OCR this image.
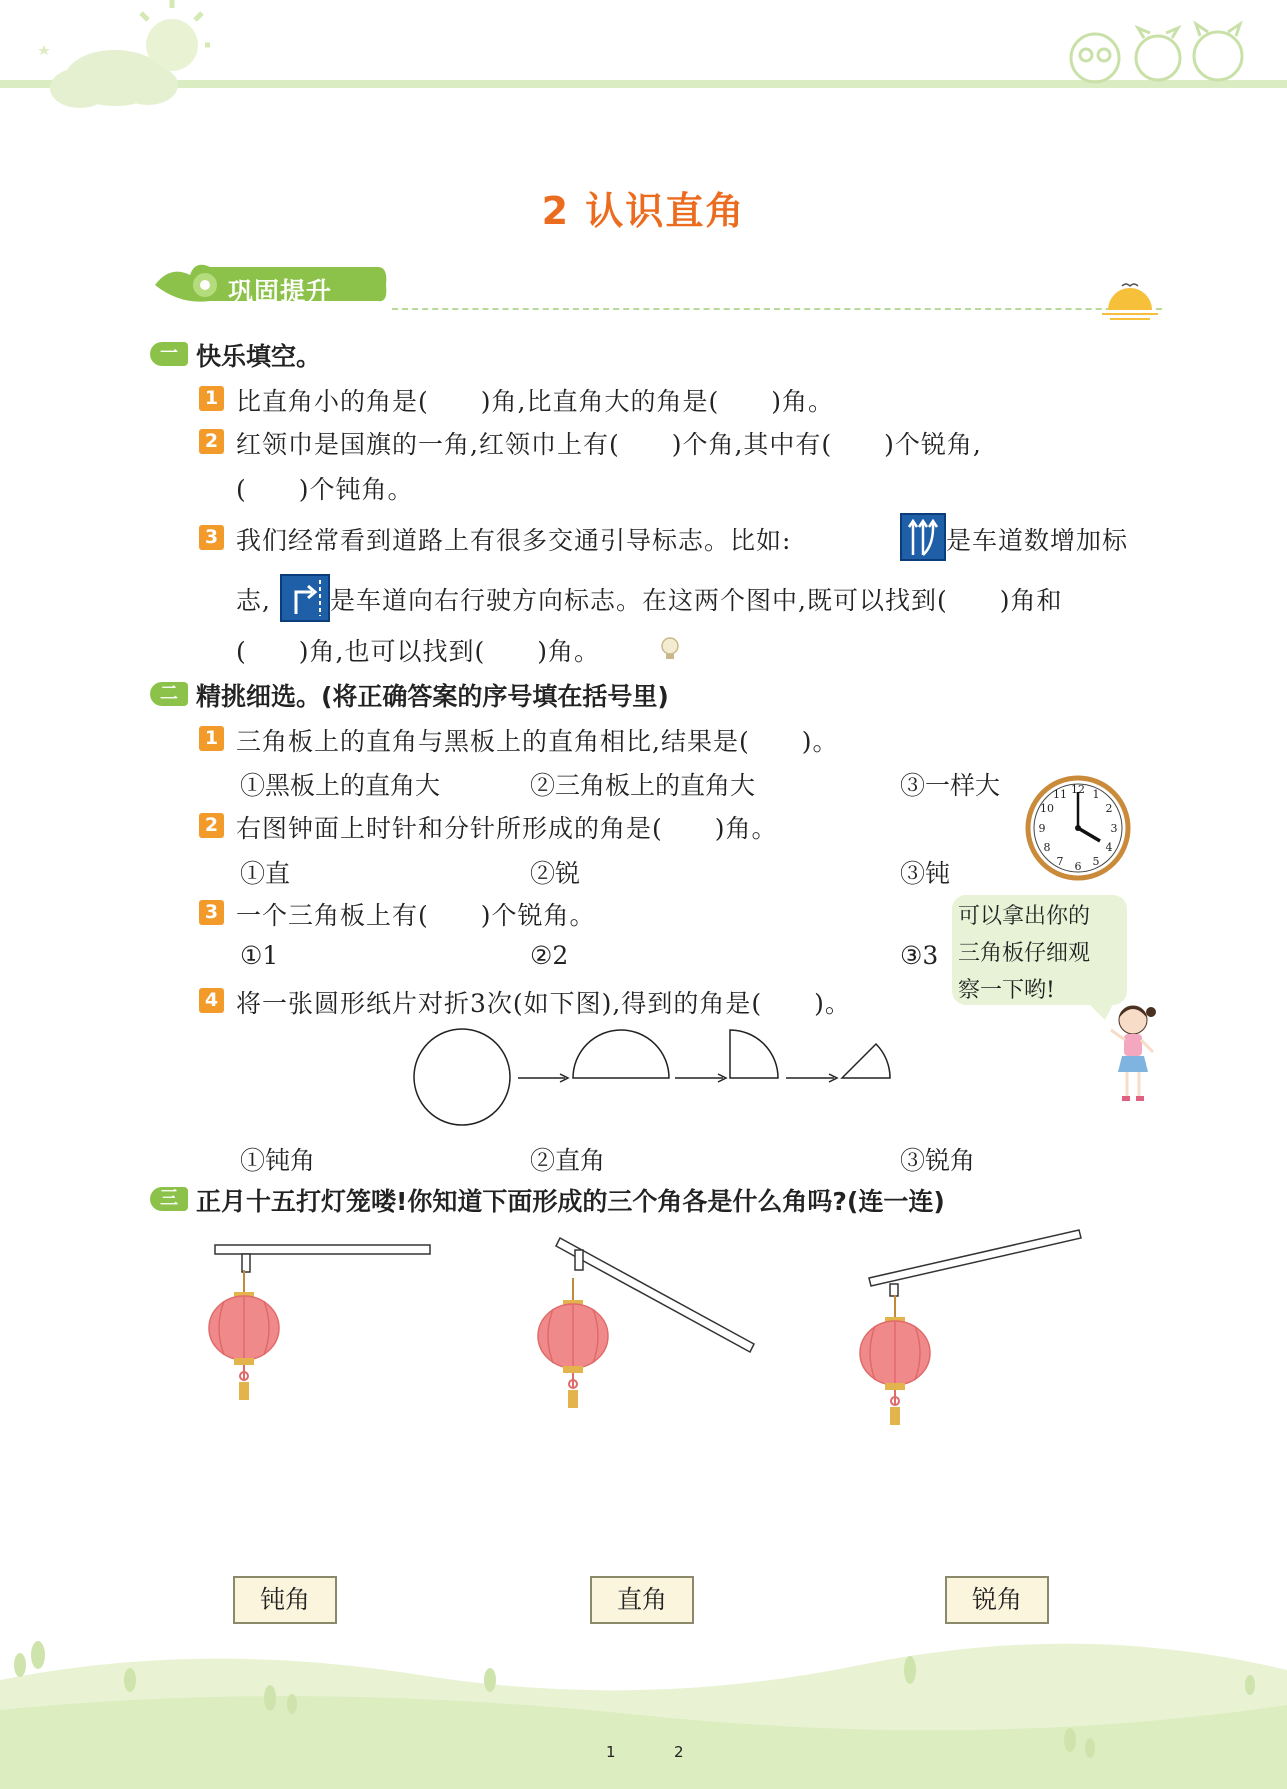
2 认识直角
巩固提升
一 快乐填空。
1 比直角小的角是(　　)角,比直角大的角是(　　)角。
2 红领巾是国旗的一角,红领巾上有(　　)个角,其中有(　　)个锐角,
(　　)个钝角。
3 我们经常看到道路上有很多交通引导标志。比如:	是车道数增加标
志, 是车道向右行驶方向标志。在这两个图中,既可以找到(　　)角和
(　　)角,也可以找到(　　)角。
二 精挑细选。(将正确答案的序号填在括号里)
1 三角板上的直角与黑板上的直角相比,结果是(　　)。
①黑板上的直角大	②三角板上的直角大	③一样大
2 右图钟面上时针和分针所形成的角是(　　)角。
①直	②锐	③钝
12 1
2
3
4
5
6
7
8
9
10
11
3 一个三角板上有(　　)个锐角。
①1	②2	③3
可以拿出你的
三角板仔细观
察一下哟!
4 将一张圆形纸片对折3次(如下图),得到的角是(　　)。
①钝角	②直角	③锐角
三 正月十五打灯笼喽!你知道下面形成的三个角各是什么角吗?(连一连)
钝角	直角	锐角
1	2
